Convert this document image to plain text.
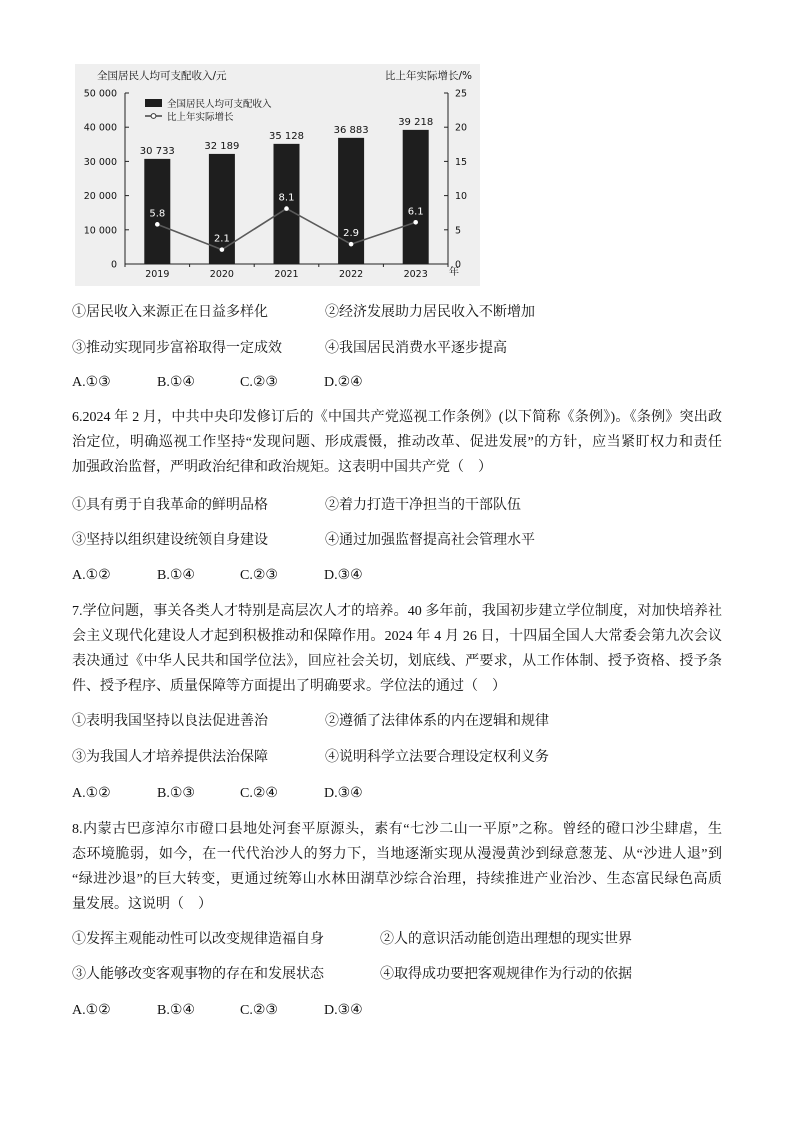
全国居民人均可支配收入/元	比上年实际增长/%
全国居民人均可支配收入
比上年实际增长
年
0
10 000
20 000
30 000
40 000
50 000
0
5
10
15
20
25
30 733	32 189
35 128
36 883
39 218
2019	2020	2021	2022	2023
5.8
2.1
8.1
2.9
6.1
①居民收入来源正在日益多样化	②经济发展助力居民收入不断增加
③推动实现同步富裕取得一定成效	④我国居民消费水平逐步提高
A.①③	B.①④	C.②③	D.②④
6.2024 年 2 月，中共中央印发修订后的《中国共产党巡视工作条例》(以下简称《条例》)。《条例》突出政
治定位，明确巡视工作坚持“发现问题、形成震慑，推动改革、促进发展”的方针，应当紧盯权力和责任
加强政治监督，严明政治纪律和政治规矩。这表明中国共产党（    ）
①具有勇于自我革命的鲜明品格	②着力打造干净担当的干部队伍
③坚持以组织建设统领自身建设	④通过加强监督提高社会管理水平
A.①②	B.①④	C.②③	D.③④
7.学位问题，事关各类人才特别是高层次人才的培养。40 多年前，我国初步建立学位制度，对加快培养社
会主义现代化建设人才起到积极推动和保障作用。2024 年 4 月 26 日，十四届全国人大常委会第九次会议
表决通过《中华人民共和国学位法》，回应社会关切，划底线、严要求，从工作体制、授予资格、授予条
件、授予程序、质量保障等方面提出了明确要求。学位法的通过（    ）
①表明我国坚持以良法促进善治	②遵循了法律体系的内在逻辑和规律
③为我国人才培养提供法治保障	④说明科学立法要合理设定权利义务
A.①②	B.①③	C.②④	D.③④
8.内蒙古巴彦淖尔市磴口县地处河套平原源头，素有“七沙二山一平原”之称。曾经的磴口沙尘肆虐，生
态环境脆弱，如今，在一代代治沙人的努力下，当地逐渐实现从漫漫黄沙到绿意葱茏、从“沙进人退”到
“绿进沙退”的巨大转变，更通过统筹山水林田湖草沙综合治理，持续推进产业治沙、生态富民绿色高质
量发展。这说明（    ）
①发挥主观能动性可以改变规律造福自身	②人的意识活动能创造出理想的现实世界
③人能够改变客观事物的存在和发展状态	④取得成功要把客观规律作为行动的依据
A.①②	B.①④	C.②③	D.③④
